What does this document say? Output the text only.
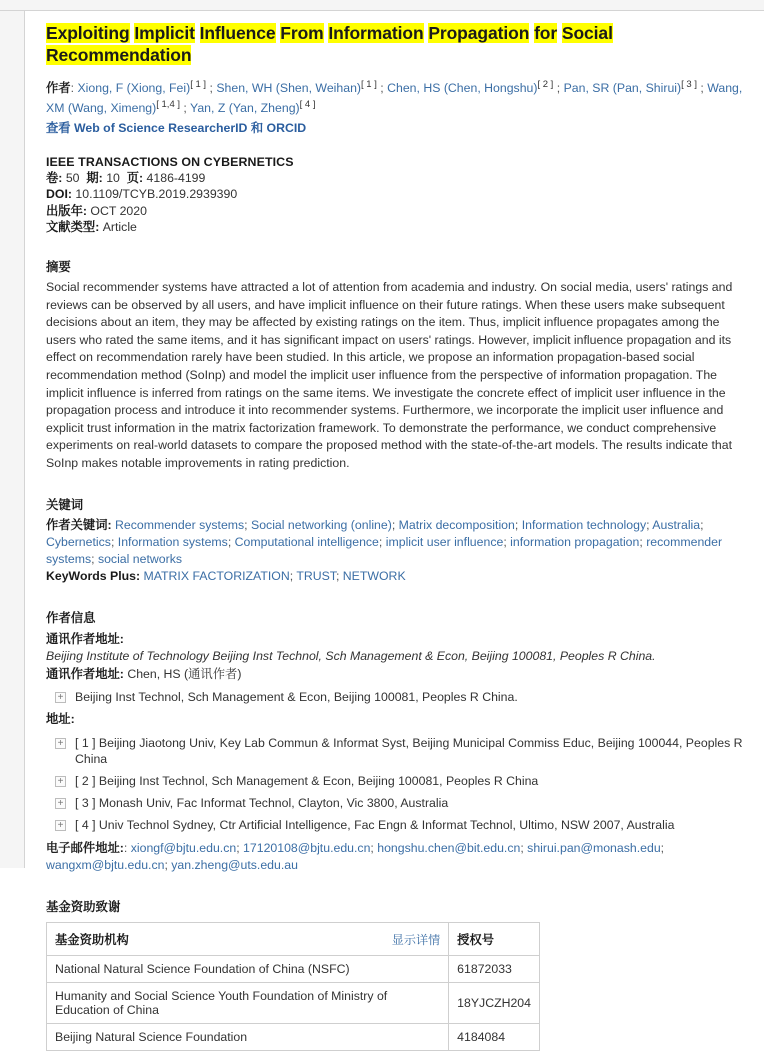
Exploiting Implicit Influence From Information Propagation for Social Recommendation
作者: Xiong, F (Xiong, Fei)[ 1 ] ; Shen, WH (Shen, Weihan)[ 1 ] ; Chen, HS (Chen, Hongshu)[ 2 ] ; Pan, SR (Pan, Shirui)[ 3 ] ; Wang, XM (Wang, Ximeng)[ 1,4 ] ; Yan, Z (Yan, Zheng)[ 4 ]
查看 Web of Science ResearcherID 和 ORCID
IEEE TRANSACTIONS ON CYBERNETICS
卷: 50 期: 10 页: 4186-4199
DOI: 10.1109/TCYB.2019.2939390
出版年: OCT 2020
文献类型: Article
摘要
Social recommender systems have attracted a lot of attention from academia and industry. On social media, users' ratings and reviews can be observed by all users, and have implicit influence on their future ratings. When these users make subsequent decisions about an item, they may be affected by existing ratings on the item. Thus, implicit influence propagates among the users who rated the same items, and it has significant impact on users' ratings. However, implicit influence propagation and its effect on recommendation rarely have been studied. In this article, we propose an information propagation-based social recommendation method (SoInp) and model the implicit user influence from the perspective of information propagation. The implicit influence is inferred from ratings on the same items. We investigate the concrete effect of implicit user influence in the propagation process and introduce it into recommender systems. Furthermore, we incorporate the implicit user influence and explicit trust information in the matrix factorization framework. To demonstrate the performance, we conduct comprehensive experiments on real-world datasets to compare the proposed method with the state-of-the-art models. The results indicate that SoInp makes notable improvements in rating prediction.
关键词
作者关键词: Recommender systems; Social networking (online); Matrix decomposition; Information technology; Australia; Cybernetics; Information systems; Computational intelligence; implicit user influence; information propagation; recommender systems; social networks
KeyWords Plus: MATRIX FACTORIZATION; TRUST; NETWORK
作者信息
通讯作者地址:
Beijing Institute of Technology Beijing Inst Technol, Sch Management & Econ, Beijing 100081, Peoples R China.
通讯作者地址: Chen, HS (通讯作者)
+ Beijing Inst Technol, Sch Management & Econ, Beijing 100081, Peoples R China.
地址:
+ [ 1 ] Beijing Jiaotong Univ, Key Lab Commun & Informat Syst, Beijing Municipal Commiss Educ, Beijing 100044, Peoples R China
+ [ 2 ] Beijing Inst Technol, Sch Management & Econ, Beijing 100081, Peoples R China
+ [ 3 ] Monash Univ, Fac Informat Technol, Clayton, Vic 3800, Australia
+ [ 4 ] Univ Technol Sydney, Ctr Artificial Intelligence, Fac Engn & Informat Technol, Ultimo, NSW 2007, Australia
电子邮件地址:: xiongf@bjtu.edu.cn; 17120108@bjtu.edu.cn; hongshu.chen@bit.edu.cn; shirui.pan@monash.edu; wangxm@bjtu.edu.cn; yan.zheng@uts.edu.au
基金资助致谢
基金资助机构 显示详情	授权号
National Natural Science Foundation of China (NSFC)	61872033
Humanity and Social Science Youth Foundation of Ministry of Education of China	18YJCZH204
Beijing Natural Science Foundation	4184084
